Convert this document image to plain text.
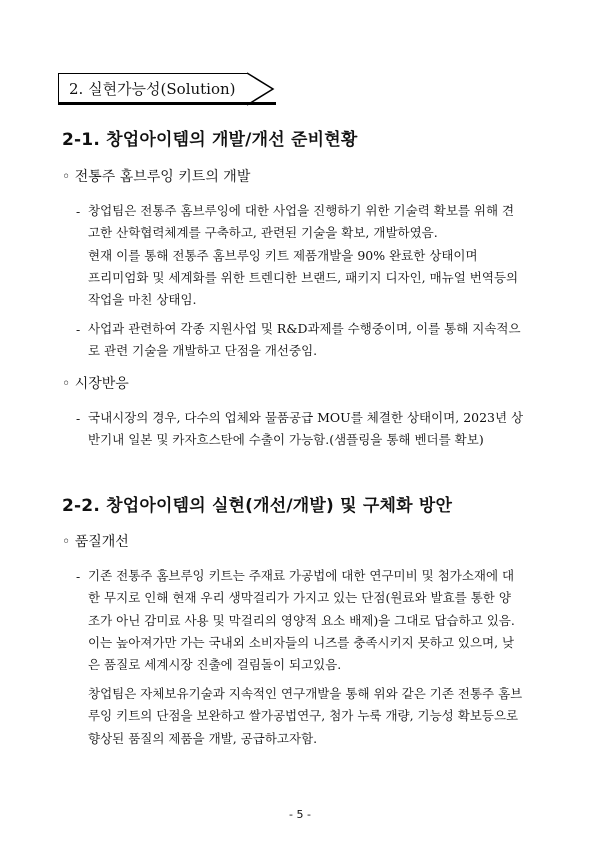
2. 실현가능성(Solution)
2-1. 창업아이템의 개발/개선 준비현황
◦ 전통주 홈브루잉 키트의 개발
- 창업팀은 전통주 홈브루잉에 대한 사업을 진행하기 위한 기술력 확보를 위해 견
고한 산학협력체계를 구축하고, 관련된 기술을 확보, 개발하였음.
현재 이를 통해 전통주 홈브루잉 키트 제품개발을 90% 완료한 상태이며
프리미엄화 및 세계화를 위한 트렌디한 브랜드, 패키지 디자인, 매뉴얼 번역등의
작업을 마친 상태임.
- 사업과 관련하여 각종 지원사업 및 R&D과제를 수행중이며, 이를 통해 지속적으
로 관련 기술을 개발하고 단점을 개선중임.
◦ 시장반응
- 국내시장의 경우, 다수의 업체와 물품공급 MOU를 체결한 상태이며, 2023년 상
반기내 일본 및 카자흐스탄에 수출이 가능함.(샘플링을 통해 벤더를 확보)
2-2. 창업아이템의 실현(개선/개발) 및 구체화 방안
◦ 품질개선
- 기존 전통주 홈브루잉 키트는 주재료 가공법에 대한 연구미비 및 첨가소재에 대
한 무지로 인해 현재 우리 생막걸리가 가지고 있는 단점(원료와 발효를 통한 양
조가 아닌 감미료 사용 및 막걸리의 영양적 요소 배제)을 그대로 답습하고 있음.
이는 높아져가만 가는 국내외 소비자들의 니즈를 충족시키지 못하고 있으며, 낮
은 품질로 세계시장 진출에 걸림돌이 되고있음.
창업팀은 자체보유기술과 지속적인 연구개발을 통해 위와 같은 기존 전통주 홈브
루잉 키트의 단점을 보완하고 쌀가공법연구, 첨가 누룩 개량, 기능성 확보등으로
향상된 품질의 제품을 개발, 공급하고자함.
- 5 -
